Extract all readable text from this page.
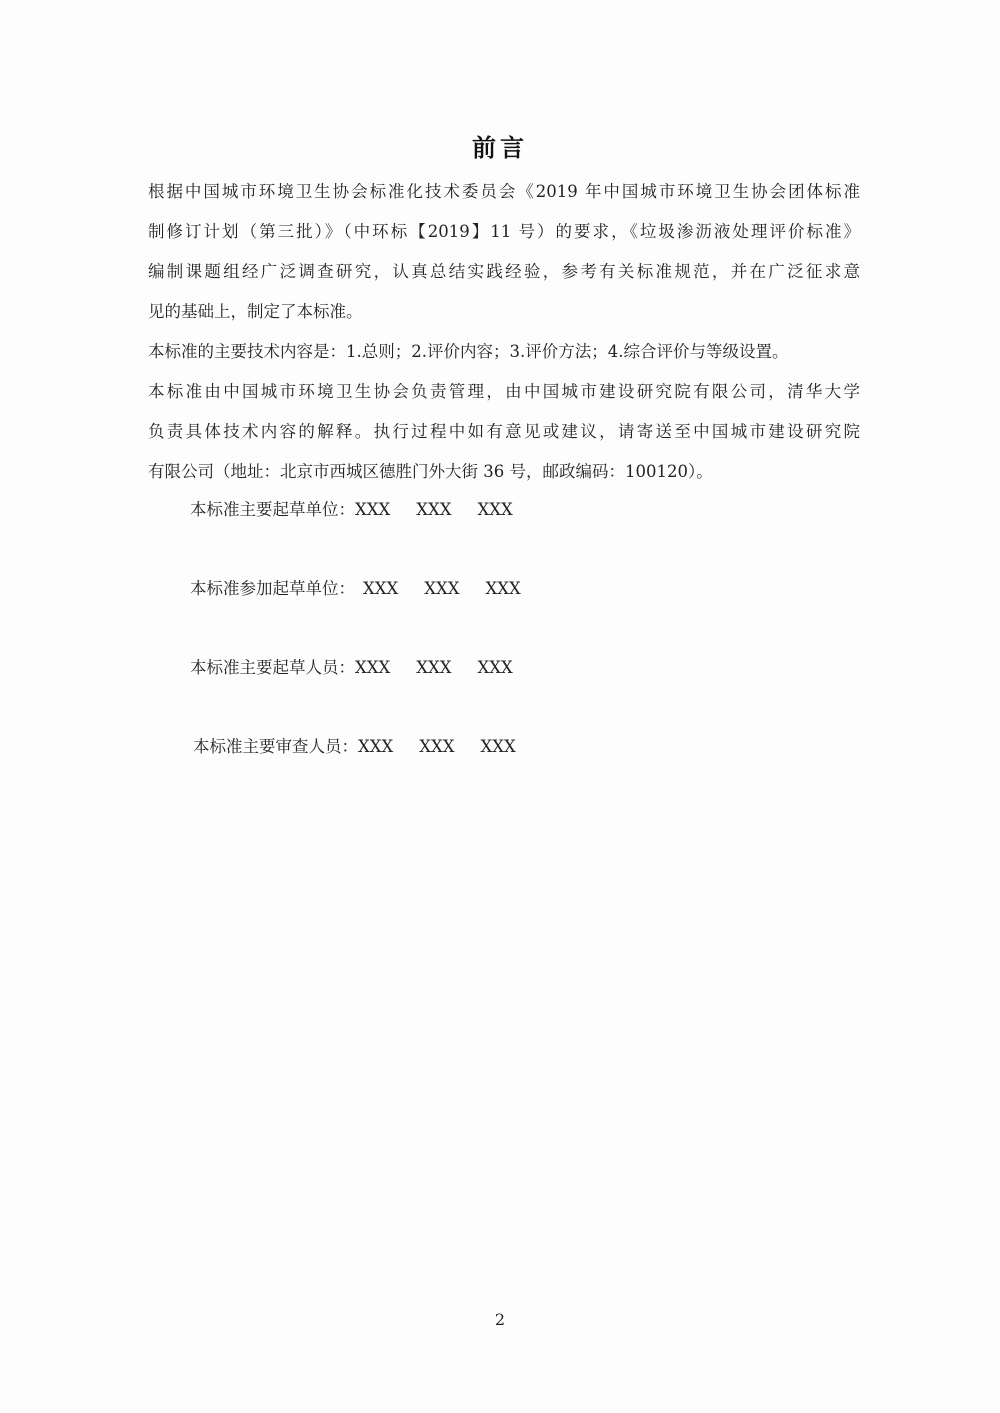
前言
根据中国城市环境卫生协会标准化技术委员会《2019 年中国城市环境卫生协会团体标准
制修订计划（第三批）》（中环标【2019】11 号）的要求，《垃圾渗沥液处理评价标准》
编制课题组经广泛调查研究，认真总结实践经验，参考有关标准规范，并在广泛征求意
见的基础上，制定了本标准。
本标准的主要技术内容是：1.总则；2.评价内容；3.评价方法；4.综合评价与等级设置。
本标准由中国城市环境卫生协会负责管理，由中国城市建设研究院有限公司，清华大学
负责具体技术内容的解释。执行过程中如有意见或建议，请寄送至中国城市建设研究院
有限公司（地址：北京市西城区德胜门外大街 36 号，邮政编码：100120）。
本标准主要起草单位：XXX XXX XXX
本标准参加起草单位： XXX XXX XXX
本标准主要起草人员：XXX XXX XXX
本标准主要审查人员：XXX XXX XXX
2
